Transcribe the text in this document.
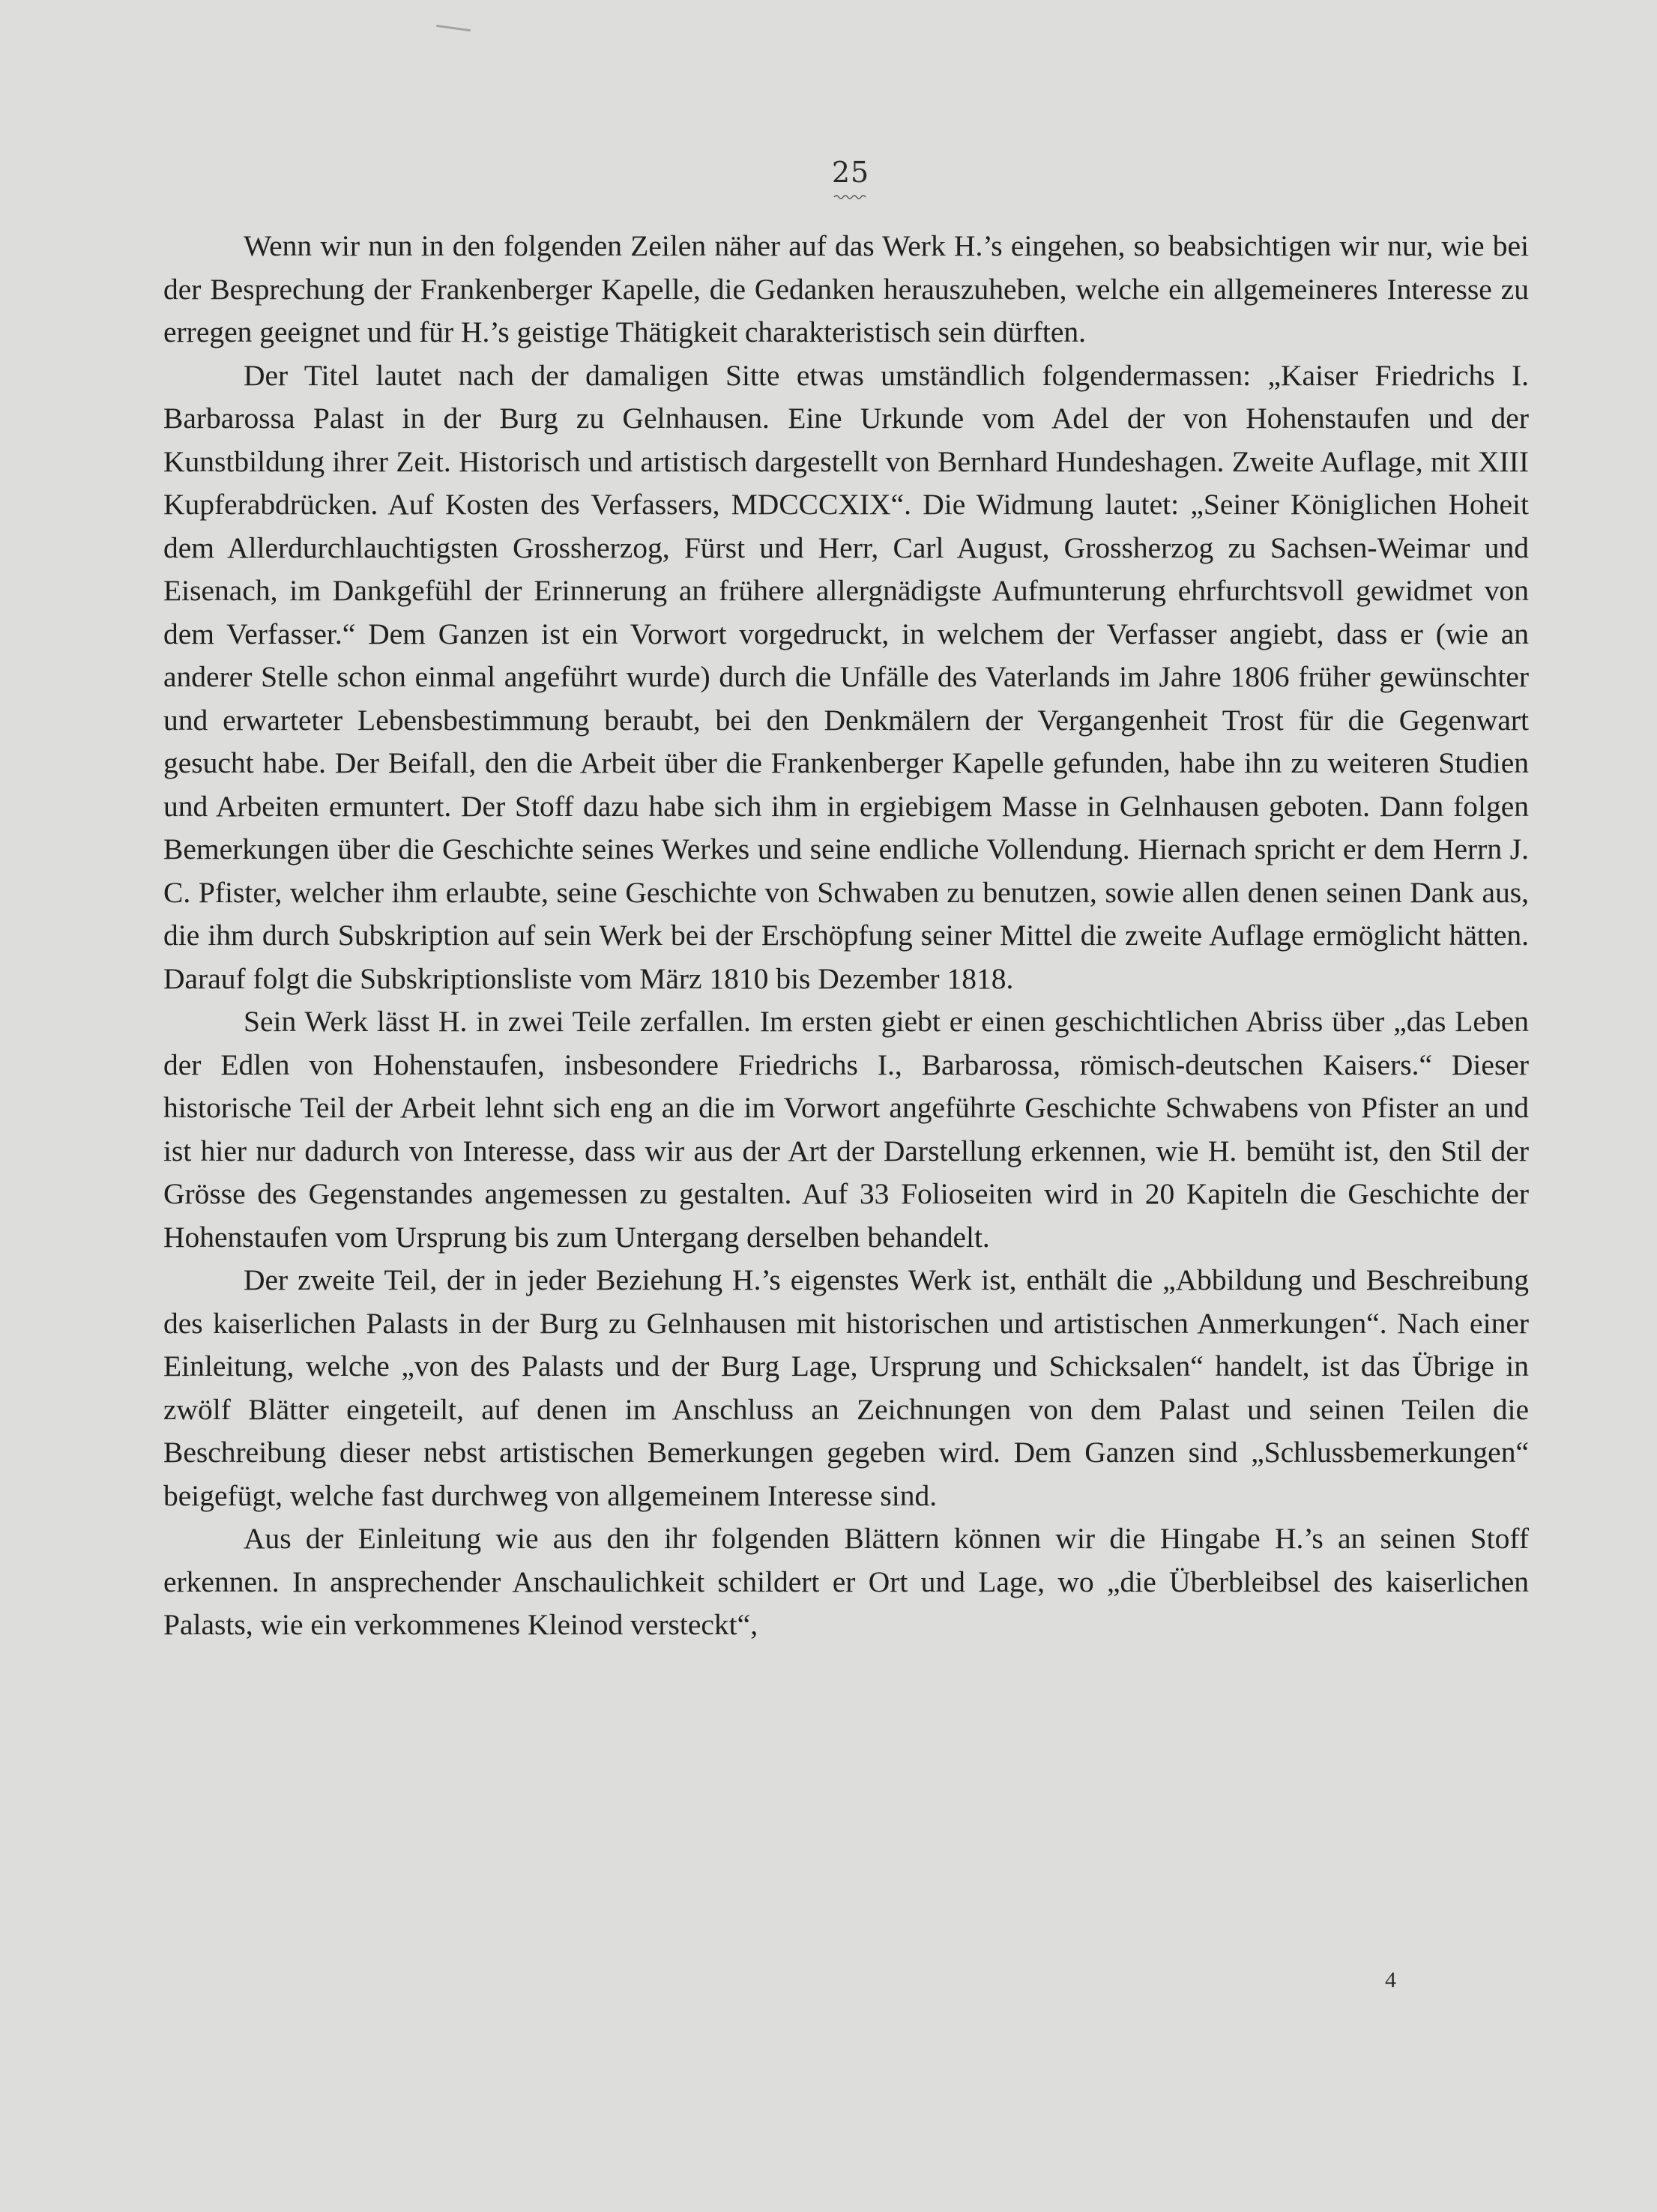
25

Wenn wir nun in den folgenden Zeilen näher auf das Werk H.’s eingehen, so beabsichtigen wir nur, wie bei der Besprechung der Frankenberger Kapelle, die Gedanken herauszuheben, welche ein allgemeineres Interesse zu erregen geeignet und für H.’s geistige Thätigkeit charakteristisch sein dürften.

Der Titel lautet nach der damaligen Sitte etwas umständlich folgendermassen: „Kaiser Friedrichs I. Barbarossa Palast in der Burg zu Gelnhausen. Eine Urkunde vom Adel der von Hohenstaufen und der Kunstbildung ihrer Zeit. Historisch und artistisch dargestellt von Bernhard Hundeshagen. Zweite Auflage, mit XIII Kupferabdrücken. Auf Kosten des Verfassers, MDCCCXIX“. Die Widmung lautet: „Seiner Königlichen Hoheit dem Allerdurchlauchtigsten Grossherzog, Fürst und Herr, Carl August, Grossherzog zu Sachsen-Weimar und Eisenach, im Dankgefühl der Erinnerung an frühere allergnädigste Aufmunterung ehrfurchtsvoll gewidmet von dem Verfasser.“ Dem Ganzen ist ein Vorwort vorgedruckt, in welchem der Verfasser angiebt, dass er (wie an anderer Stelle schon einmal angeführt wurde) durch die Unfälle des Vaterlands im Jahre 1806 früher gewünschter und erwarteter Lebensbestimmung beraubt, bei den Denkmälern der Vergangenheit Trost für die Gegenwart gesucht habe. Der Beifall, den die Arbeit über die Frankenberger Kapelle gefunden, habe ihn zu weiteren Studien und Arbeiten ermuntert. Der Stoff dazu habe sich ihm in ergiebigem Masse in Gelnhausen geboten. Dann folgen Bemerkungen über die Geschichte seines Werkes und seine endliche Vollendung. Hiernach spricht er dem Herrn J. C. Pfister, welcher ihm erlaubte, seine Geschichte von Schwaben zu benutzen, sowie allen denen seinen Dank aus, die ihm durch Subskription auf sein Werk bei der Erschöpfung seiner Mittel die zweite Auflage ermöglicht hätten. Darauf folgt die Subskriptionsliste vom März 1810 bis Dezember 1818.

Sein Werk lässt H. in zwei Teile zerfallen. Im ersten giebt er einen geschichtlichen Abriss über „das Leben der Edlen von Hohenstaufen, insbesondere Friedrichs I., Barbarossa, römisch-deutschen Kaisers.“ Dieser historische Teil der Arbeit lehnt sich eng an die im Vorwort angeführte Geschichte Schwabens von Pfister an und ist hier nur dadurch von Interesse, dass wir aus der Art der Darstellung erkennen, wie H. bemüht ist, den Stil der Grösse des Gegenstandes angemessen zu gestalten. Auf 33 Folioseiten wird in 20 Kapiteln die Geschichte der Hohenstaufen vom Ursprung bis zum Untergang derselben behandelt.

Der zweite Teil, der in jeder Beziehung H.’s eigenstes Werk ist, enthält die „Abbildung und Beschreibung des kaiserlichen Palasts in der Burg zu Gelnhausen mit historischen und artistischen Anmerkungen“. Nach einer Einleitung, welche „von des Palasts und der Burg Lage, Ursprung und Schicksalen“ handelt, ist das Übrige in zwölf Blätter eingeteilt, auf denen im Anschluss an Zeichnungen von dem Palast und seinen Teilen die Beschreibung dieser nebst artistischen Bemerkungen gegeben wird. Dem Ganzen sind „Schlussbemerkungen“ beigefügt, welche fast durchweg von allgemeinem Interesse sind.

Aus der Einleitung wie aus den ihr folgenden Blättern können wir die Hingabe H.’s an seinen Stoff erkennen. In ansprechender Anschaulichkeit schildert er Ort und Lage, wo „die Überbleibsel des kaiserlichen Palasts, wie ein verkommenes Kleinod versteckt“,

4
